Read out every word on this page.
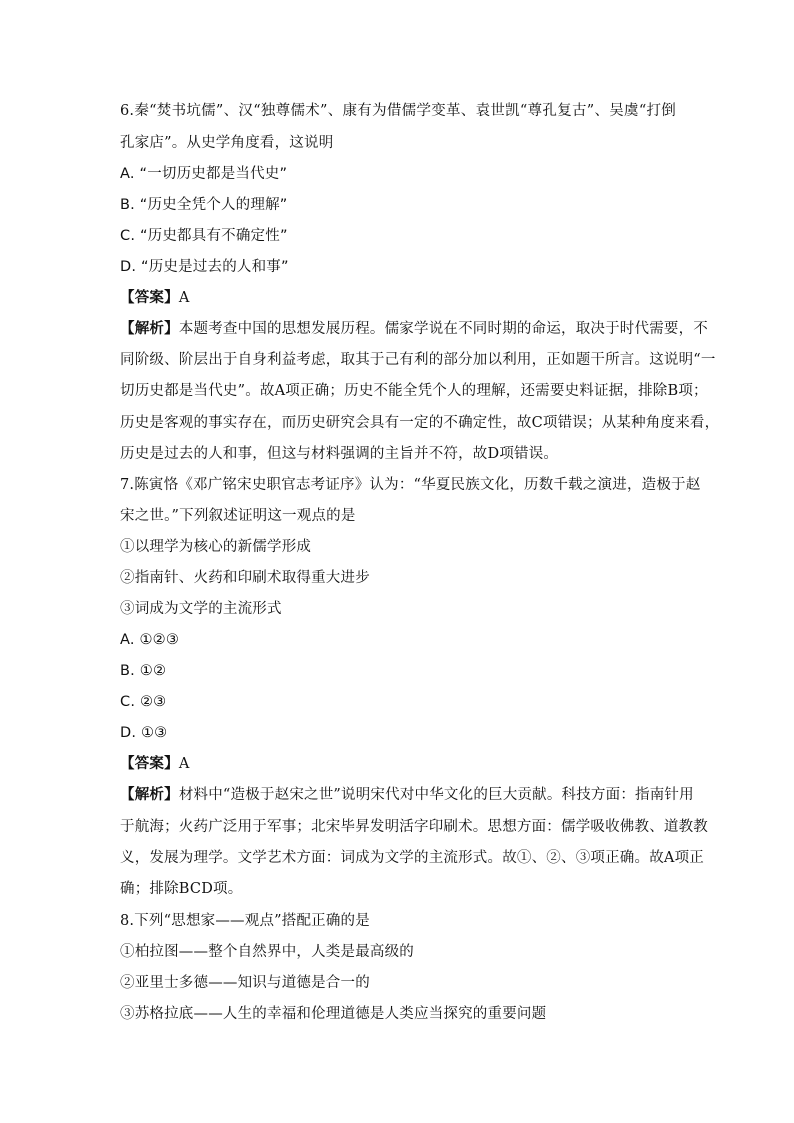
6.秦“焚书坑儒”、汉“独尊儒术”、康有为借儒学变革、袁世凯“尊孔复古”、吴虞“打倒
孔家店”。从史学角度看，这说明
A. “一切历史都是当代史”
B. “历史全凭个人的理解”
C. “历史都具有不确定性”
D. “历史是过去的人和事”
【答案】A
【解析】本题考查中国的思想发展历程。儒家学说在不同时期的命运，取决于时代需要，不
同阶级、阶层出于自身利益考虑，取其于己有利的部分加以利用，正如题干所言。这说明“一
切历史都是当代史”。故A项正确；历史不能全凭个人的理解，还需要史料证据，排除B项；
历史是客观的事实存在，而历史研究会具有一定的不确定性，故C项错误；从某种角度来看，
历史是过去的人和事，但这与材料强调的主旨并不符，故D项错误。
7.陈寅恪《邓广铭宋史职官志考证序》认为：“华夏民族文化，历数千载之演进，造极于赵
宋之世。”下列叙述证明这一观点的是
①以理学为核心的新儒学形成
②指南针、火药和印刷术取得重大进步
③词成为文学的主流形式
A. ①②③
B. ①②
C. ②③
D. ①③
【答案】A
【解析】材料中“造极于赵宋之世”说明宋代对中华文化的巨大贡献。科技方面：指南针用
于航海；火药广泛用于军事；北宋毕昇发明活字印刷术。思想方面：儒学吸收佛教、道教教
义，发展为理学。文学艺术方面：词成为文学的主流形式。故①、②、③项正确。故A项正
确；排除BCD项。
8.下列“思想家——观点”搭配正确的是
①柏拉图——整个自然界中，人类是最高级的
②亚里士多德——知识与道德是合一的
③苏格拉底——人生的幸福和伦理道德是人类应当探究的重要问题
